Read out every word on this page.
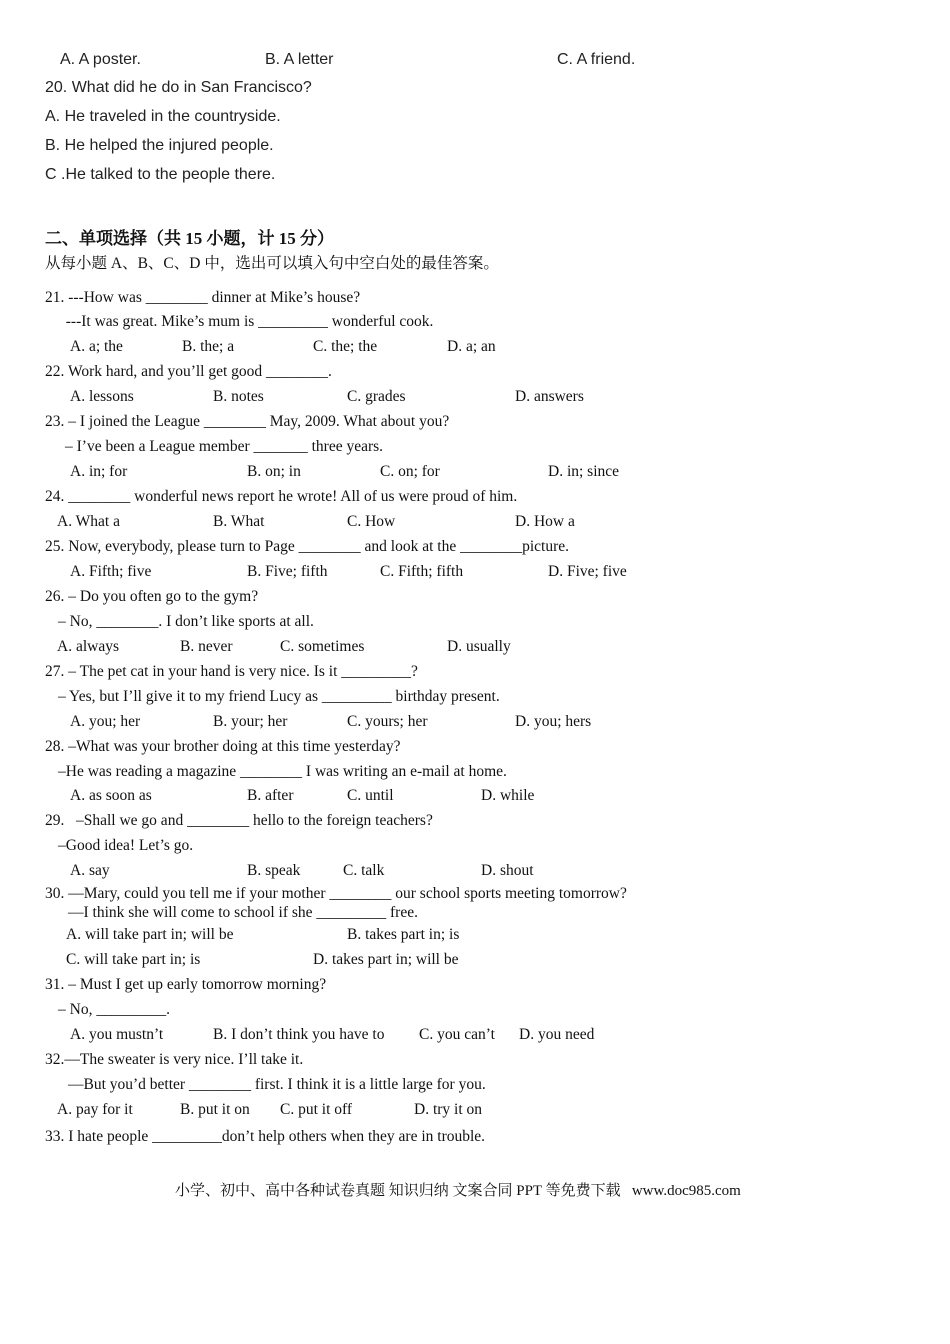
A. A poster.	B. A letter	C. A friend.
20. What did he do in San Francisco?
A. He traveled in the countryside.
B. He helped the injured people.
C .He talked to the people there.
二、单项选择（共 15 小题，计 15 分）
从每小题 A、B、C、D 中，选出可以填入句中空白处的最佳答案。
21. ---How was ________ dinner at Mike’s house?
---It was great. Mike’s mum is _________ wonderful cook.
A. a; the	B. the; a	C. the; the	D. a; an
22. Work hard, and you’ll get good ________.
A. lessons	B. notes	C. grades	D. answers
23. – I joined the League ________ May, 2009. What about you?
– I’ve been a League member _______ three years.
A. in; for	B. on; in	C. on; for	D. in; since
24. ________ wonderful news report he wrote! All of us were proud of him.
A. What a	B. What	C. How	D. How a
25. Now, everybody, please turn to Page ________ and look at the ________picture.
A. Fifth; five	B. Five; fifth	C. Fifth; fifth	D. Five; five
26. – Do you often go to the gym?
– No, ________. I don’t like sports at all.
A. always	B. never	C. sometimes	D. usually
27. – The pet cat in your hand is very nice. Is it _________?
– Yes, but I’ll give it to my friend Lucy as _________ birthday present.
A. you; her	B. your; her	C. yours; her	D. you; hers
28. –What was your brother doing at this time yesterday?
–He was reading a magazine ________ I was writing an e-mail at home.
A. as soon as	B. after	C. until	D. while
29.   –Shall we go and ________ hello to the foreign teachers?
–Good idea! Let’s go.
A. say	B. speak	C. talk	D. shout
30. —Mary, could you tell me if your mother ________ our school sports meeting tomorrow?
—I think she will come to school if she _________ free.
A. will take part in; will be	B. takes part in; is
C. will take part in; is	D. takes part in; will be
31. – Must I get up early tomorrow morning?
– No, _________.
A. you mustn’t	B. I don’t think you have to C. you can’t D. you need
32.—The sweater is very nice. I’ll take it.
—But you’d better ________ first. I think it is a little large for you.
A. pay for it	B. put it on C. put it off	D. try it on
33. I hate people _________don’t help others when they are in trouble.
小学、初中、高中各种试卷真题 知识归纳 文案合同 PPT 等免费下载   www.doc985.com
